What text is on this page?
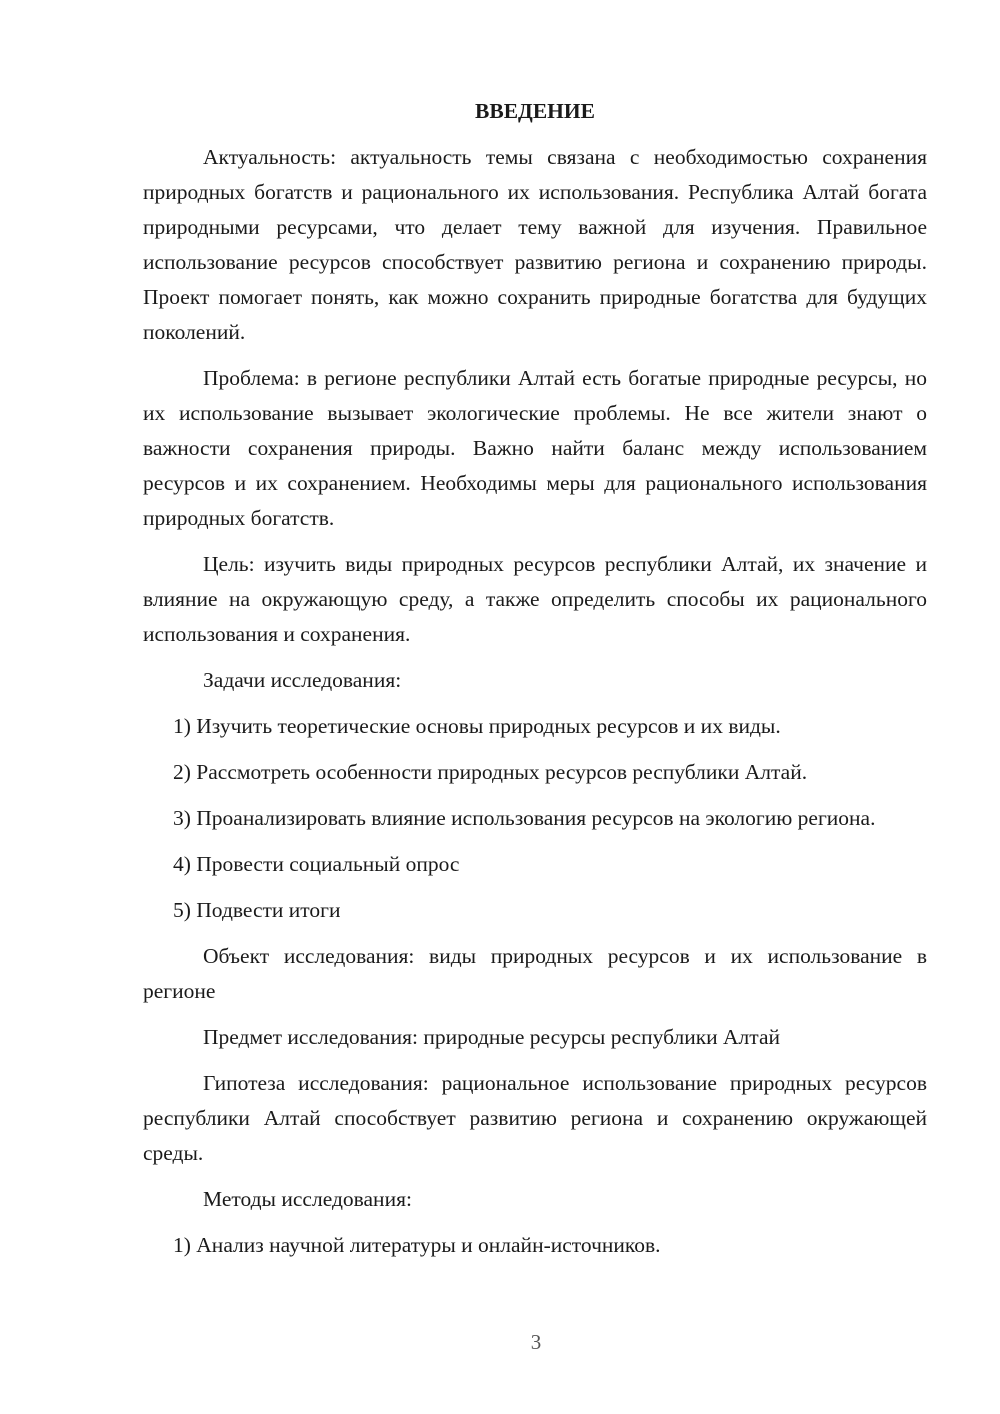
ВВЕДЕНИЕ

Актуальность: актуальность темы связана с необходимостью сохранения природных богатств и рационального их использования. Республика Алтай богата природными ресурсами, что делает тему важной для изучения. Правильное использование ресурсов способствует развитию региона и сохранению природы. Проект помогает понять, как можно сохранить природные богатства для будущих поколений.

Проблема: в регионе республики Алтай есть богатые природные ресурсы, но их использование вызывает экологические проблемы. Не все жители знают о важности сохранения природы. Важно найти баланс между использованием ресурсов и их сохранением. Необходимы меры для рационального использования природных богатств.

Цель: изучить виды природных ресурсов республики Алтай, их значение и влияние на окружающую среду, а также определить способы их рационального использования и сохранения.

Задачи исследования:

1) Изучить теоретические основы природных ресурсов и их виды.

2) Рассмотреть особенности природных ресурсов республики Алтай.

3) Проанализировать влияние использования ресурсов на экологию региона.

4) Провести социальный опрос

5) Подвести итоги

Объект исследования: виды природных ресурсов и их использование в регионе

Предмет исследования: природные ресурсы республики Алтай

Гипотеза исследования: рациональное использование природных ресурсов республики Алтай способствует развитию региона и сохранению окружающей среды.

Методы исследования:

1) Анализ научной литературы и онлайн-источников.

3
